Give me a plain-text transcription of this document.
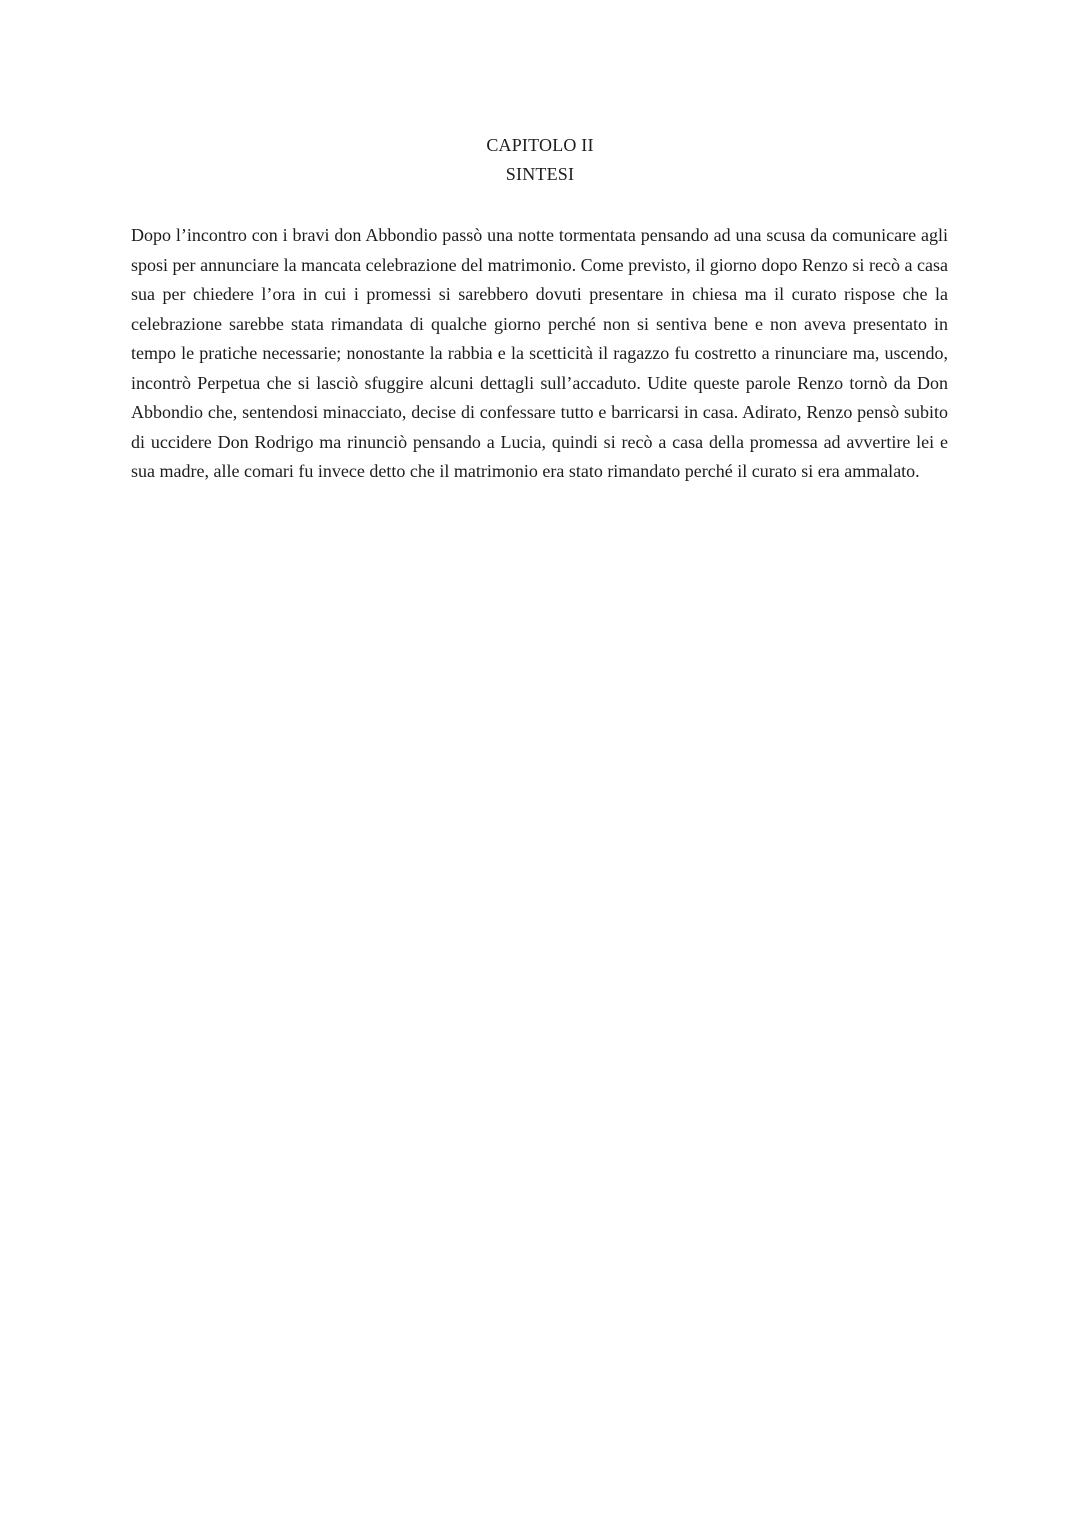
CAPITOLO II
SINTESI

Dopo l’incontro con i bravi don Abbondio passò una notte tormentata pensando ad una scusa da comunicare agli sposi per annunciare la mancata celebrazione del matrimonio. Come previsto, il giorno dopo Renzo si recò a casa sua per chiedere l’ora in cui i promessi si sarebbero dovuti presentare in chiesa ma il curato rispose che la celebrazione sarebbe stata rimandata di qualche giorno perché non si sentiva bene e non aveva presentato in tempo le pratiche necessarie; nonostante la rabbia e la scetticità il ragazzo fu costretto a rinunciare ma, uscendo, incontrò Perpetua che si lasciò sfuggire alcuni dettagli sull’accaduto. Udite queste parole Renzo tornò da Don Abbondio che, sentendosi minacciato, decise di confessare tutto e barricarsi in casa. Adirato, Renzo pensò subito di uccidere Don Rodrigo ma rinunciò pensando a Lucia, quindi si recò a casa della promessa ad avvertire lei e sua madre, alle comari fu invece detto che il matrimonio era stato rimandato perché il curato si era ammalato.
